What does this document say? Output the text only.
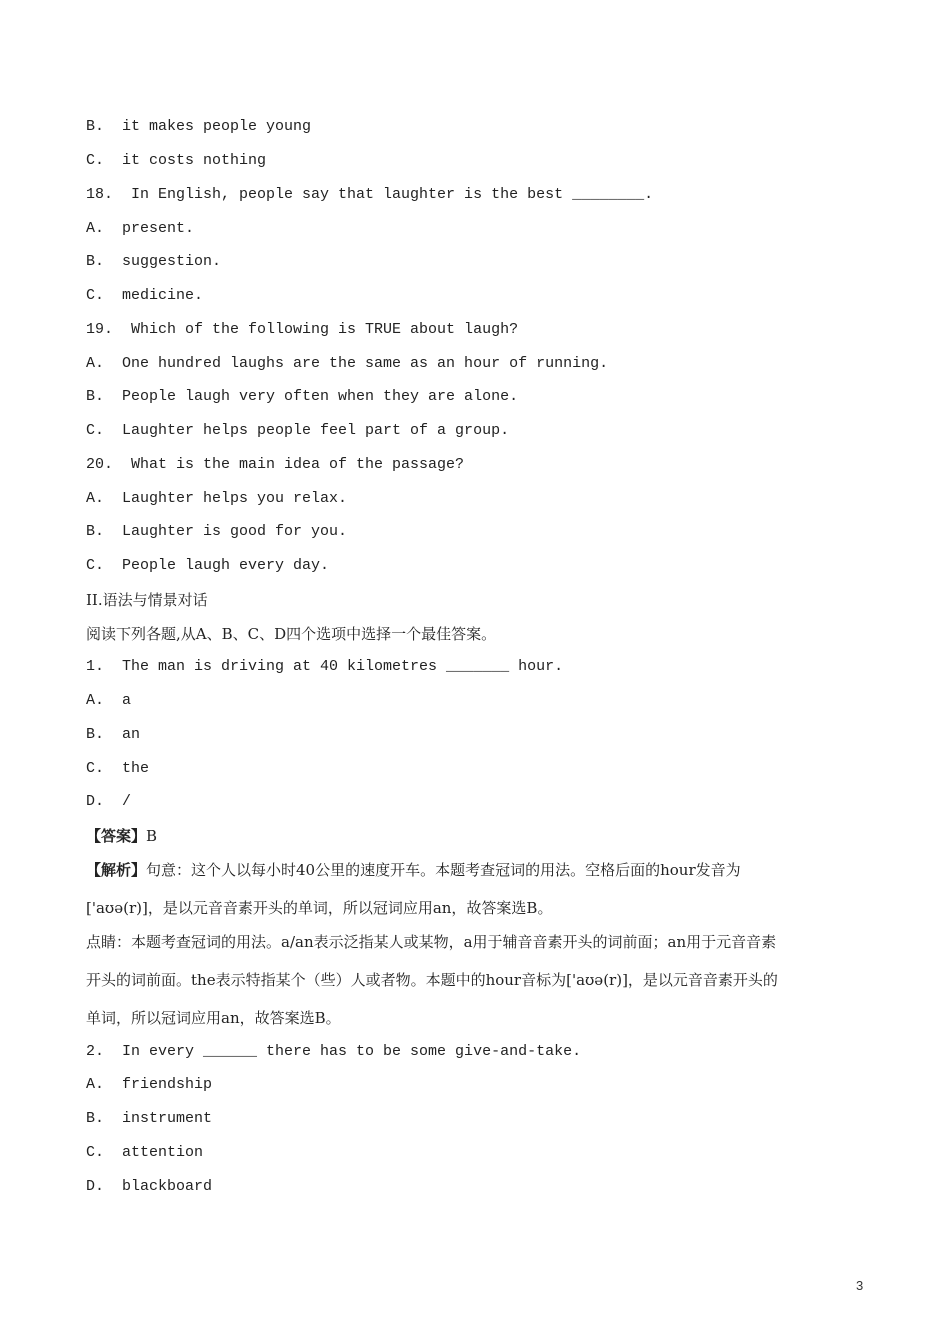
B.  it makes people young
C.  it costs nothing
18.  In English, people say that laughter is the best ________.
A.  present.
B.  suggestion.
C.  medicine.
19.  Which of the following is TRUE about laugh?
A.  One hundred laughs are the same as an hour of running.
B.  People laugh very often when they are alone.
C.  Laughter helps people feel part of a group.
20.  What is the main idea of the passage?
A.  Laughter helps you relax.
B.  Laughter is good for you.
C.  People laugh every day.
II.语法与情景对话
阅读下列各题,从A、B、C、D四个选项中选择一个最佳答案。
1.  The man is driving at 40 kilometres _______ hour.
A.  a
B.  an
C.  the
D.  /
【答案】B
【解析】句意：这个人以每小时40公里的速度开车。本题考查冠词的用法。空格后面的hour发音为
['aʊə(r)]，是以元音音素开头的单词，所以冠词应用an，故答案选B。
点睛：本题考查冠词的用法。a/an表示泛指某人或某物，a用于辅音音素开头的词前面；an用于元音音素
开头的词前面。the表示特指某个（些）人或者物。本题中的hour音标为['aʊə(r)]，是以元音音素开头的
单词，所以冠词应用an，故答案选B。
2.  In every ______ there has to be some give-and-take.
A.  friendship
B.  instrument
C.  attention
D.  blackboard
3
